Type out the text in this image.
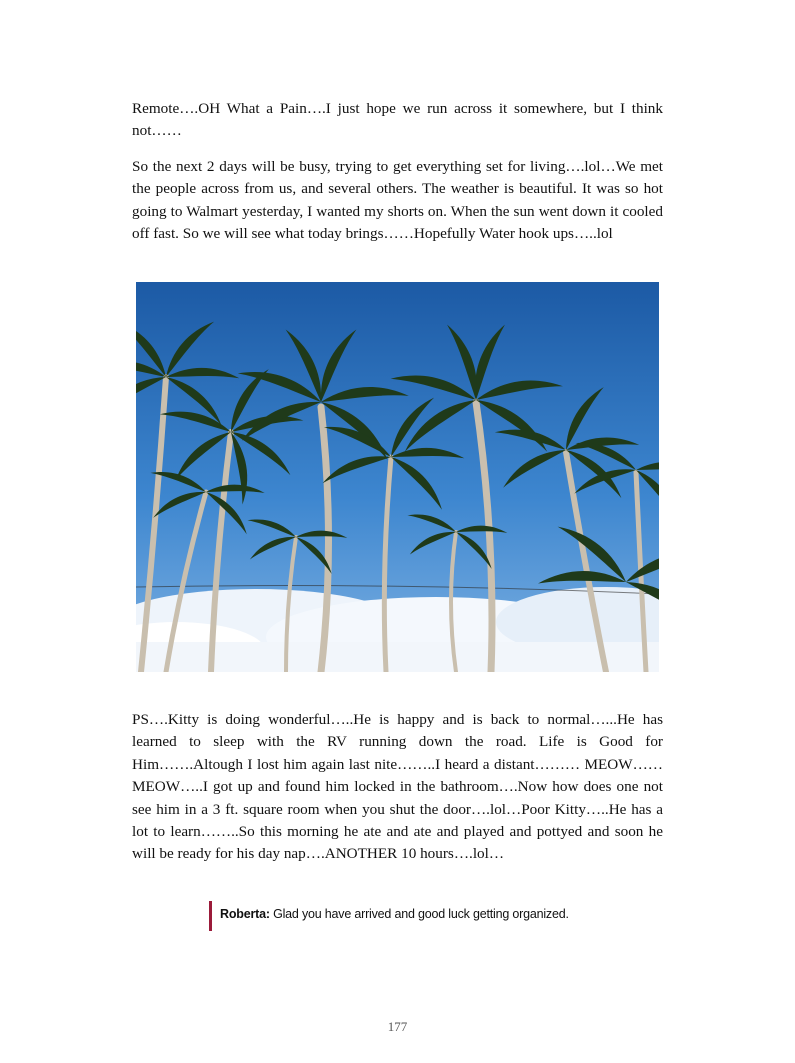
Remote….OH What a Pain….I just hope we run across it somewhere, but I think not……

So the next 2 days will be busy, trying to get everything set for living….lol…We met the people across from us, and several others. The weather is beautiful. It was so hot going to Walmart yesterday, I wanted my shorts on. When the sun went down it cooled off fast. So we will see what today brings……Hopefully Water hook ups…..lol

PS….Kitty is doing wonderful…..He is happy and is back to normal…...He has learned to sleep with the RV running down the road. Life is Good for Him…….Altough I lost him again last nite……..I heard a distant……… MEOW……MEOW…..I got up and found him locked in the bathroom….Now how does one not see him in a 3 ft. square room when you shut the door….lol…Poor Kitty…..He has a lot to learn……..So this morning he ate and ate and played and pottyed and soon he will be ready for his day nap….ANOTHER 10 hours….lol…

Roberta: Glad you have arrived and good luck getting organized.
177
